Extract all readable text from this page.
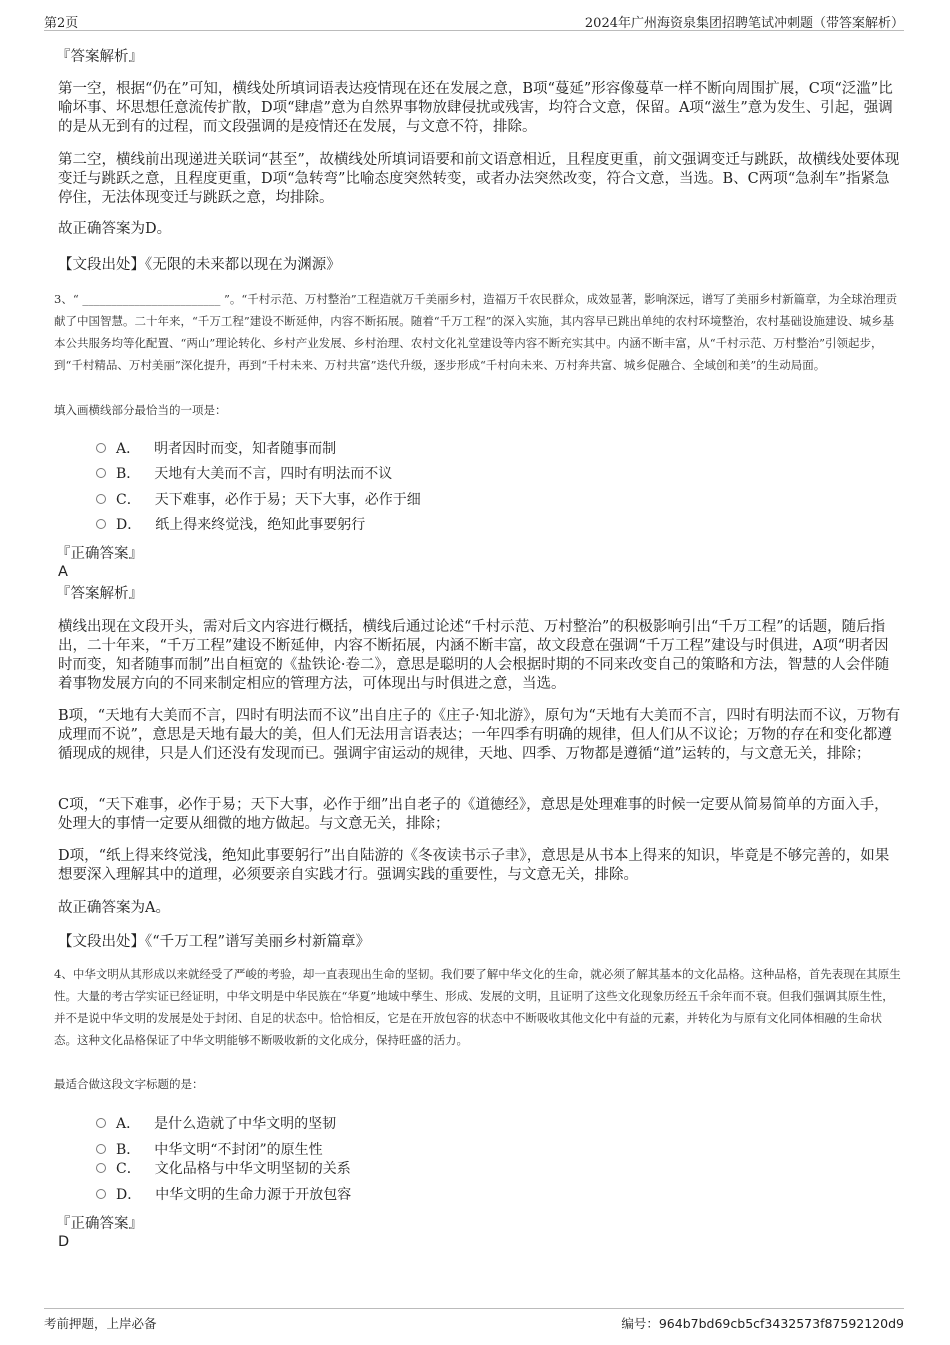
第2页	2024年广州海资泉集团招聘笔试冲刺题（带答案解析）
『答案解析』
第一空，根据“仍在”可知，横线处所填词语表达疫情现在还在发展之意，B项“蔓延”形容像蔓草一样不断向周围扩展，C项“泛滥”比喻坏事、坏思想任意流传扩散，D项“肆虐”意为自然界事物放肆侵扰或残害，均符合文意，保留。A项“滋生”意为发生、引起，强调的是从无到有的过程，而文段强调的是疫情还在发展，与文意不符，排除。
第二空，横线前出现递进关联词“甚至”，故横线处所填词语要和前文语意相近，且程度更重，前文强调变迁与跳跃，故横线处要体现变迁与跳跃之意，且程度更重，D项“急转弯”比喻态度突然转变，或者办法突然改变，符合文意，当选。B、C两项“急刹车”指紧急停住，无法体现变迁与跳跃之意，均排除。
故正确答案为D。
【文段出处】《无限的未来都以现在为渊源》
3、“ ________________________ ”。“千村示范、万村整治”工程造就万千美丽乡村，造福万千农民群众，成效显著，影响深远，谱写了美丽乡村新篇章，为全球治理贡献了中国智慧。二十年来，“千万工程”建设不断延伸，内容不断拓展。随着“千万工程”的深入实施，其内容早已跳出单纯的农村环境整治，农村基础设施建设、城乡基本公共服务均等化配置、“两山”理论转化、乡村产业发展、乡村治理、农村文化礼堂建设等内容不断充实其中。内涵不断丰富，从“千村示范、万村整治”引领起步，到“千村精品、万村美丽”深化提升，再到“千村未来、万村共富”迭代升级，逐步形成“千村向未来、万村奔共富、城乡促融合、全域创和美”的生动局面。
填入画横线部分最恰当的一项是：
A． 明者因时而变，知者随事而制
B． 天地有大美而不言，四时有明法而不议
C． 天下难事，必作于易；天下大事，必作于细
D． 纸上得来终觉浅，绝知此事要躬行
『正确答案』
A
『答案解析』
横线出现在文段开头，需对后文内容进行概括，横线后通过论述“千村示范、万村整治”的积极影响引出“千万工程”的话题，随后指出，二十年来，“千万工程”建设不断延伸，内容不断拓展，内涵不断丰富，故文段意在强调“千万工程”建设与时俱进，A项“明者因时而变，知者随事而制”出自桓宽的《盐铁论·卷二》，意思是聪明的人会根据时期的不同来改变自己的策略和方法，智慧的人会伴随着事物发展方向的不同来制定相应的管理方法，可体现出与时俱进之意，当选。
B项，“天地有大美而不言，四时有明法而不议”出自庄子的《庄子·知北游》，原句为“天地有大美而不言，四时有明法而不议，万物有成理而不说”，意思是天地有最大的美，但人们无法用言语表达；一年四季有明确的规律，但人们从不议论；万物的存在和变化都遵循现成的规律，只是人们还没有发现而已。强调宇宙运动的规律，天地、四季、万物都是遵循“道”运转的，与文意无关，排除；
C项，“天下难事，必作于易；天下大事，必作于细”出自老子的《道德经》，意思是处理难事的时候一定要从简易简单的方面入手，处理大的事情一定要从细微的地方做起。与文意无关，排除；
D项，“纸上得来终觉浅，绝知此事要躬行”出自陆游的《冬夜读书示子聿》，意思是从书本上得来的知识，毕竟是不够完善的，如果想要深入理解其中的道理，必须要亲自实践才行。强调实践的重要性，与文意无关，排除。
故正确答案为A。
【文段出处】《“千万工程”谱写美丽乡村新篇章》
4、中华文明从其形成以来就经受了严峻的考验，却一直表现出生命的坚韧。我们要了解中华文化的生命，就必须了解其基本的文化品格。这种品格，首先表现在其原生性。大量的考古学实证已经证明，中华文明是中华民族在“华夏”地域中孳生、形成、发展的文明，且证明了这些文化现象历经五千余年而不衰。但我们强调其原生性，并不是说中华文明的发展是处于封闭、自足的状态中。恰恰相反，它是在开放包容的状态中不断吸收其他文化中有益的元素，并转化为与原有文化同体相融的生命状态。这种文化品格保证了中华文明能够不断吸收新的文化成分，保持旺盛的活力。
最适合做这段文字标题的是：
A． 是什么造就了中华文明的坚韧
B． 中华文明“不封闭”的原生性
C． 文化品格与中华文明坚韧的关系
D． 中华文明的生命力源于开放包容
『正确答案』
D
考前押题，上岸必备	编号：964b7bd69cb5cf3432573f87592120d9
